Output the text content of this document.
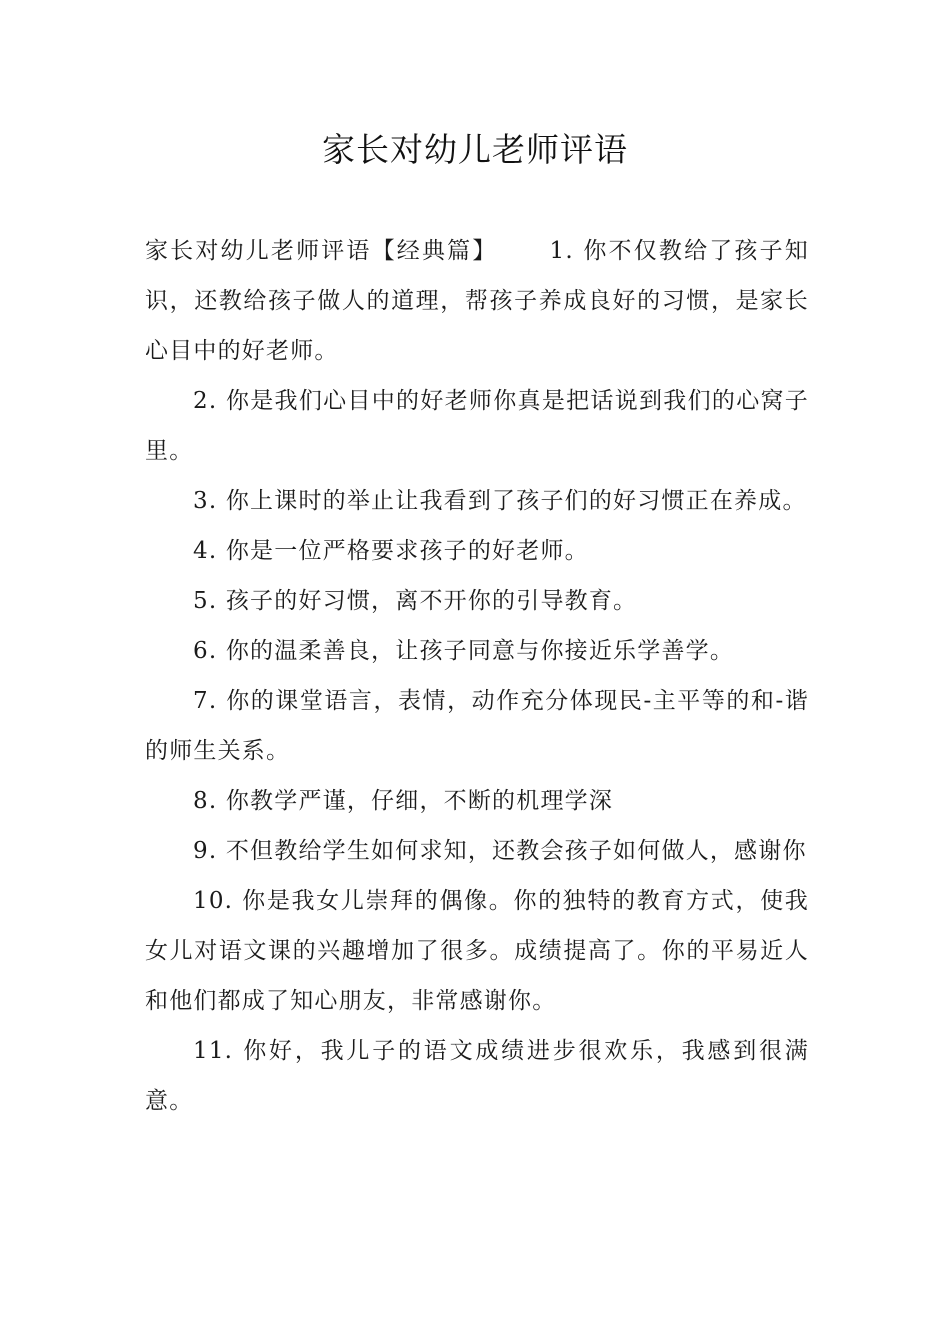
家长对幼儿老师评语

家长对幼儿老师评语【经典篇】 1. 你不仅教给了孩子知识，还教给孩子做人的道理，帮孩子养成良好的习惯，是家长心目中的好老师。

2. 你是我们心目中的好老师你真是把话说到我们的心窝子里。

3. 你上课时的举止让我看到了孩子们的好习惯正在养成。

4. 你是一位严格要求孩子的好老师。

5. 孩子的好习惯，离不开你的引导教育。

6. 你的温柔善良，让孩子同意与你接近乐学善学。

7. 你的课堂语言，表情，动作充分体现民-主平等的和-谐的师生关系。

8. 你教学严谨，仔细，不断的机理学深

9. 不但教给学生如何求知，还教会孩子如何做人，感谢你

10. 你是我女儿崇拜的偶像。你的独特的教育方式，使我女儿对语文课的兴趣增加了很多。成绩提高了。你的平易近人和他们都成了知心朋友，非常感谢你。

11. 你好，我儿子的语文成绩进步很欢乐，我感到很满意。
